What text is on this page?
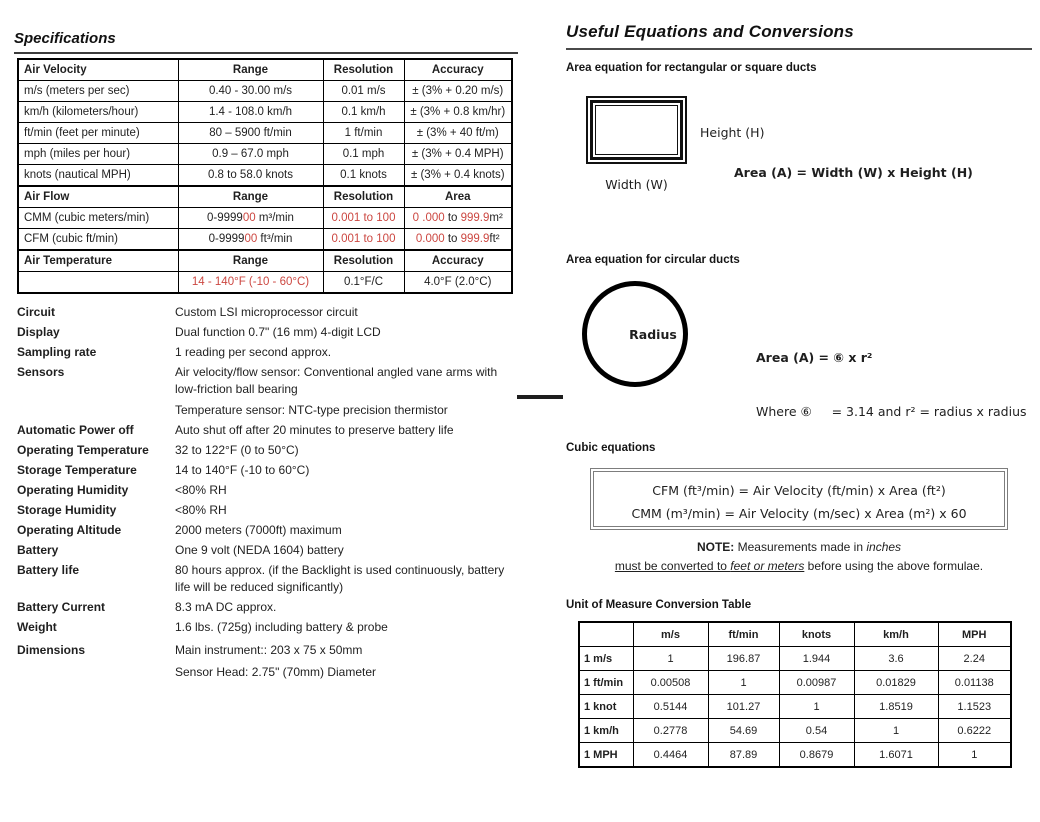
Specifications
Air Velocity	Range	Resolution	Accuracy
m/s (meters per sec)	0.40 - 30.00 m/s	0.01 m/s	± (3% + 0.20 m/s)
km/h (kilometers/hour)	1.4 - 108.0 km/h	0.1 km/h	± (3% + 0.8 km/hr)
ft/min (feet per minute)	80 – 5900 ft/min	1 ft/min	± (3% + 40 ft/m)
mph (miles per hour)	0.9 – 67.0 mph	0.1 mph	± (3% + 0.4 MPH)
knots (nautical MPH)	0.8 to 58.0 knots	0.1 knots	± (3% + 0.4 knots)
Air Flow	Range	Resolution	Area
CMM (cubic meters/min)	0-999900 m³/min	0.001 to 100	0 .000 to 999.9m²
CFM (cubic ft/min)	0-999900 ft³/min	0.001 to 100	0.000 to 999.9ft²
Air Temperature	Range	Resolution	Accuracy
	14 - 140°F (-10 - 60°C)	0.1°F/C	4.0°F (2.0°C)
Circuit	Custom LSI microprocessor circuit
Display	Dual function 0.7" (16 mm) 4-digit LCD
Sampling rate	1 reading per second approx.
Sensors	Air velocity/flow sensor: Conventional angled vane arms with
low-friction ball bearing
Temperature sensor: NTC-type precision thermistor
Automatic Power off	Auto shut off after 20 minutes to preserve battery life
Operating Temperature	32 to 122°F (0 to 50°C)
Storage Temperature	14 to 140°F (-10 to 60°C)
Operating Humidity	<80% RH
Storage Humidity	<80% RH
Operating Altitude	2000 meters (7000ft) maximum
Battery	One 9 volt (NEDA 1604) battery
Battery life	80 hours approx. (if the Backlight is used continuously, battery
life will be reduced significantly)
Battery Current	8.3 mA DC approx.
Weight	1.6 lbs. (725g) including battery & probe
Dimensions	Main instrument:: 203 x 75 x 50mm
Sensor Head: 2.75" (70mm) Diameter
Useful Equations and Conversions
Area equation for rectangular or square ducts
Height (H)
Width (W)
Area (A) = Width (W) x Height (H)
Area equation for circular ducts
Radius

Area (A) = ⑥ x r²

Where ⑥     = 3.14 and r² = radius x radius

Cubic equations
CFM (ft³/min) = Air Velocity (ft/min) x Area (ft²)
CMM (m³/min) = Air Velocity (m/sec) x Area (m²) x 60
NOTE: Measurements made in inches
must be converted to feet or meters before using the above formulae.
Unit of Measure Conversion Table
	m/s	ft/min	knots	km/h	MPH
1 m/s	1	196.87	1.944	3.6	2.24
1 ft/min	0.00508	1	0.00987	0.01829	0.01138
1 knot	0.5144	101.27	1	1.8519	1.1523
1 km/h	0.2778	54.69	0.54	1	0.6222
1 MPH	0.4464	87.89	0.8679	1.6071	1
